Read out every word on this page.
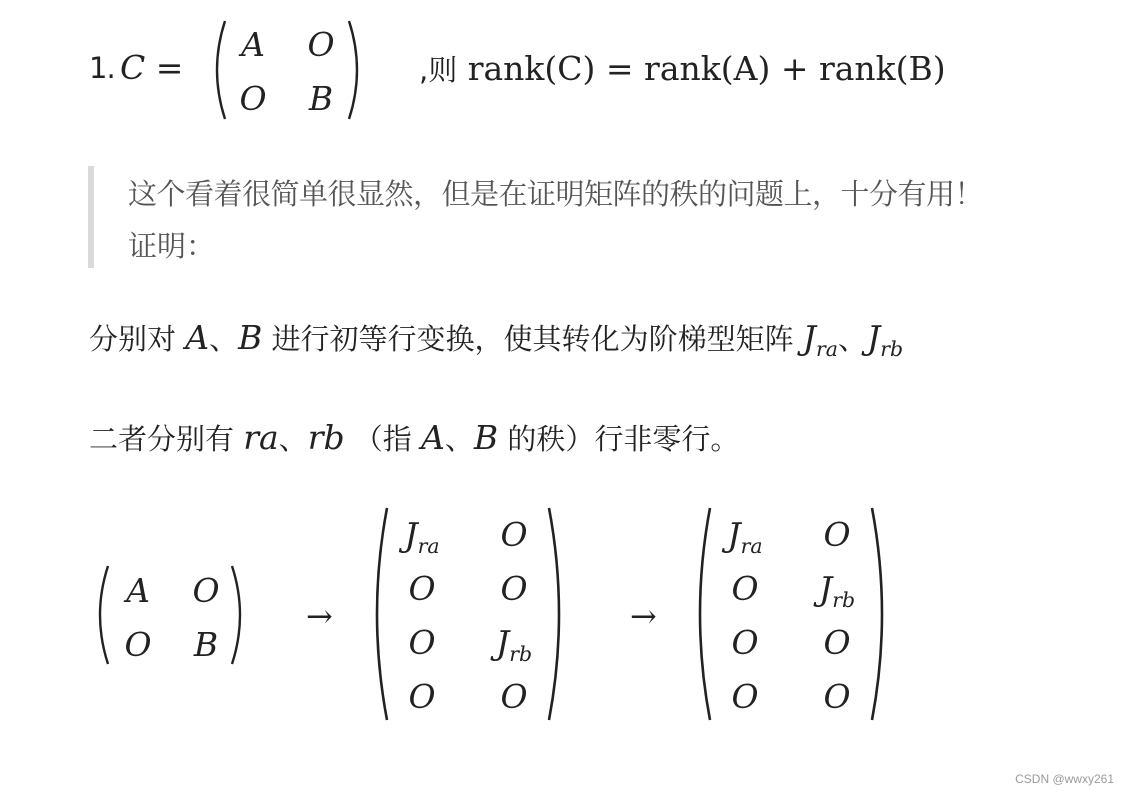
1. C =
A	O
O	B
,则 rank(C) = rank(A) + rank(B)
这个看着很简单很显然，但是在证明矩阵的秩的问题上，十分有用！
证明：
分别对 A、B 进行初等行变换，使其转化为阶梯型矩阵 $J_{ra}$、$J_{rb}$
二者分别有 ra、rb （指 A、B 的秩）行非零行。
A	O
O	B
→
$J_{ra}$	O
O	O
O	$J_{rb}$
O	O
→
$J_{ra}$	O
O	$J_{rb}$
O	O
O	O
CSDN @wwxy261
